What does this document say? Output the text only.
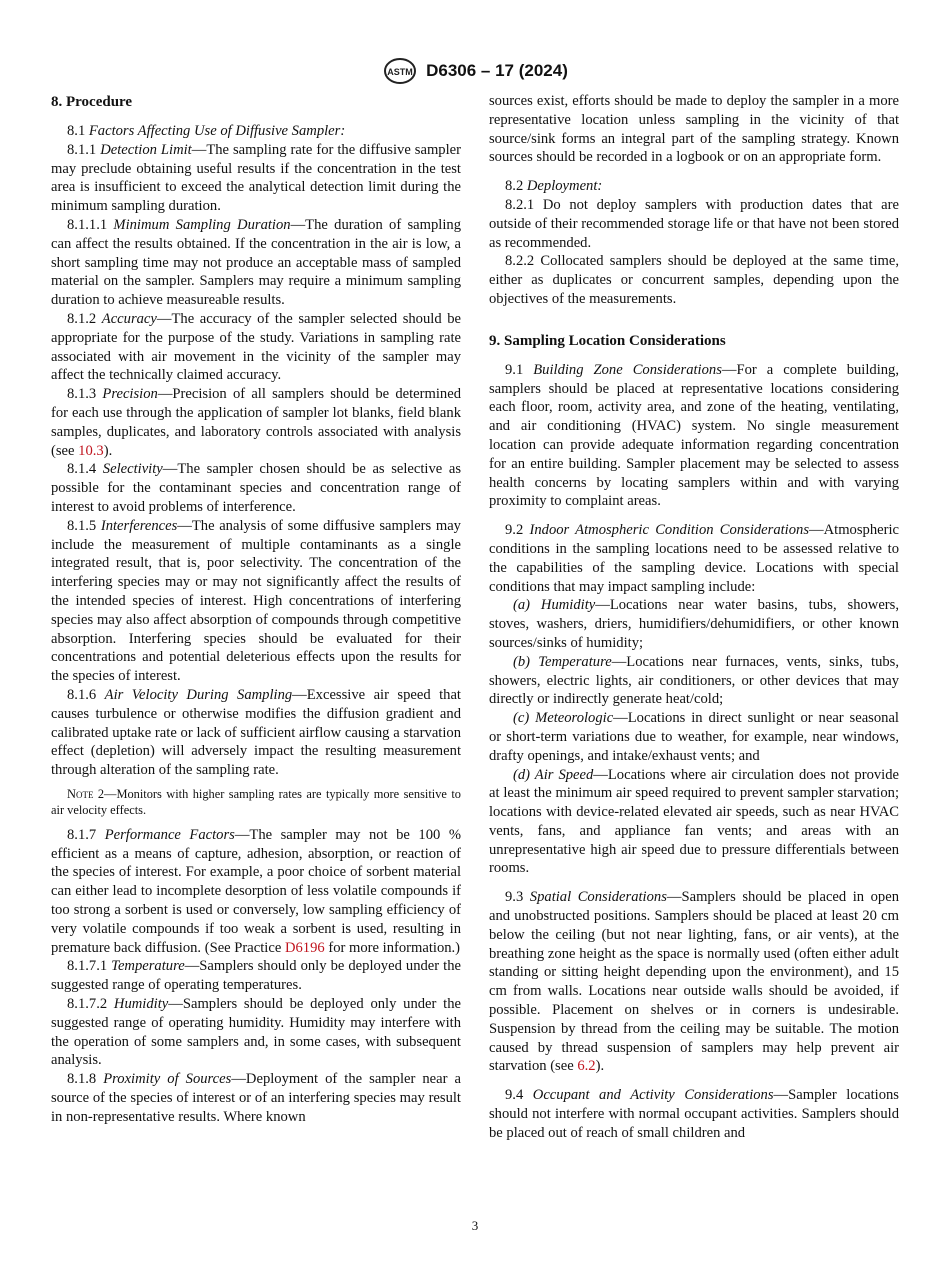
ASTM D6306 – 17 (2024)
8. Procedure

8.1 Factors Affecting Use of Diffusive Sampler:

8.1.1 Detection Limit—The sampling rate for the diffusive sampler may preclude obtaining useful results if the concentration in the test area is insufficient to exceed the analytical detection limit during the minimum sampling duration.

8.1.1.1 Minimum Sampling Duration—The duration of sampling can affect the results obtained. If the concentration in the air is low, a short sampling time may not produce an acceptable mass of sampled material on the sampler. Samplers may require a minimum sampling duration to achieve measureable results.

8.1.2 Accuracy—The accuracy of the sampler selected should be appropriate for the purpose of the study. Variations in sampling rate associated with air movement in the vicinity of the sampler may affect the technically claimed accuracy.

8.1.3 Precision—Precision of all samplers should be determined for each use through the application of sampler lot blanks, field blank samples, duplicates, and laboratory controls associated with analysis (see 10.3).

8.1.4 Selectivity—The sampler chosen should be as selective as possible for the contaminant species and concentration range of interest to avoid problems of interference.

8.1.5 Interferences—The analysis of some diffusive samplers may include the measurement of multiple contaminants as a single integrated result, that is, poor selectivity. The concentration of the interfering species may or may not significantly affect the results of the intended species of interest. High concentrations of interfering species may also affect absorption of compounds through competitive absorption. Interfering species should be evaluated for their concentrations and potential deleterious effects upon the results for the species of interest.

8.1.6 Air Velocity During Sampling—Excessive air speed that causes turbulence or otherwise modifies the diffusion gradient and calibrated uptake rate or lack of sufficient airflow causing a starvation effect (depletion) will adversely impact the resulting measurement through alteration of the sampling rate.

Note 2—Monitors with higher sampling rates are typically more sensitive to air velocity effects.

8.1.7 Performance Factors—The sampler may not be 100 % efficient as a means of capture, adhesion, absorption, or reaction of the species of interest. For example, a poor choice of sorbent material can either lead to incomplete desorption of less volatile compounds if too strong a sorbent is used or conversely, low sampling efficiency of very volatile compounds if too weak a sorbent is used, resulting in premature back diffusion. (See Practice D6196 for more information.)

8.1.7.1 Temperature—Samplers should only be deployed under the suggested range of operating temperatures.

8.1.7.2 Humidity—Samplers should be deployed only under the suggested range of operating humidity. Humidity may interfere with the operation of some samplers and, in some cases, with subsequent analysis.

8.1.8 Proximity of Sources—Deployment of the sampler near a source of the species of interest or of an interfering species may result in non-representative results. Where known

sources exist, efforts should be made to deploy the sampler in a more representative location unless sampling in the vicinity of that source/sink forms an integral part of the sampling strategy. Known sources should be recorded in a logbook or on an appropriate form.

8.2 Deployment:

8.2.1 Do not deploy samplers with production dates that are outside of their recommended storage life or that have not been stored as recommended.

8.2.2 Collocated samplers should be deployed at the same time, either as duplicates or concurrent samples, depending upon the objectives of the measurements.

9. Sampling Location Considerations

9.1 Building Zone Considerations—For a complete building, samplers should be placed at representative locations considering each floor, room, activity area, and zone of the heating, ventilating, and air conditioning (HVAC) system. No single measurement location can provide adequate information regarding concentration for an entire building. Sampler placement may be selected to assess health concerns by locating samplers within and with varying proximity to complaint areas.

9.2 Indoor Atmospheric Condition Considerations—Atmospheric conditions in the sampling locations need to be assessed relative to the capabilities of the sampling device. Locations with special conditions that may impact sampling include:

(a) Humidity—Locations near water basins, tubs, showers, stoves, washers, driers, humidifiers/dehumidifiers, or other known sources/sinks of humidity;

(b) Temperature—Locations near furnaces, vents, sinks, tubs, showers, electric lights, air conditioners, or other devices that may directly or indirectly generate heat/cold;

(c) Meteorologic—Locations in direct sunlight or near seasonal or short-term variations due to weather, for example, near windows, drafty openings, and intake/exhaust vents; and

(d) Air Speed—Locations where air circulation does not provide at least the minimum air speed required to prevent sampler starvation; locations with device-related elevated air speeds, such as near HVAC vents, fans, and appliance fan vents; and areas with an unrepresentative high air speed due to pressure differentials between rooms.

9.3 Spatial Considerations—Samplers should be placed in open and unobstructed positions. Samplers should be placed at least 20 cm below the ceiling (but not near lighting, fans, or air vents), at the breathing zone height as the space is normally used (often either adult standing or sitting height depending upon the environment), and 15 cm from walls. Locations near outside walls should be avoided, if possible. Placement on shelves or in corners is undesirable. Suspension by thread from the ceiling may be suitable. The motion caused by thread suspension of samplers may help prevent air starvation (see 6.2).

9.4 Occupant and Activity Considerations—Sampler locations should not interfere with normal occupant activities. Samplers should be placed out of reach of small children and

3
